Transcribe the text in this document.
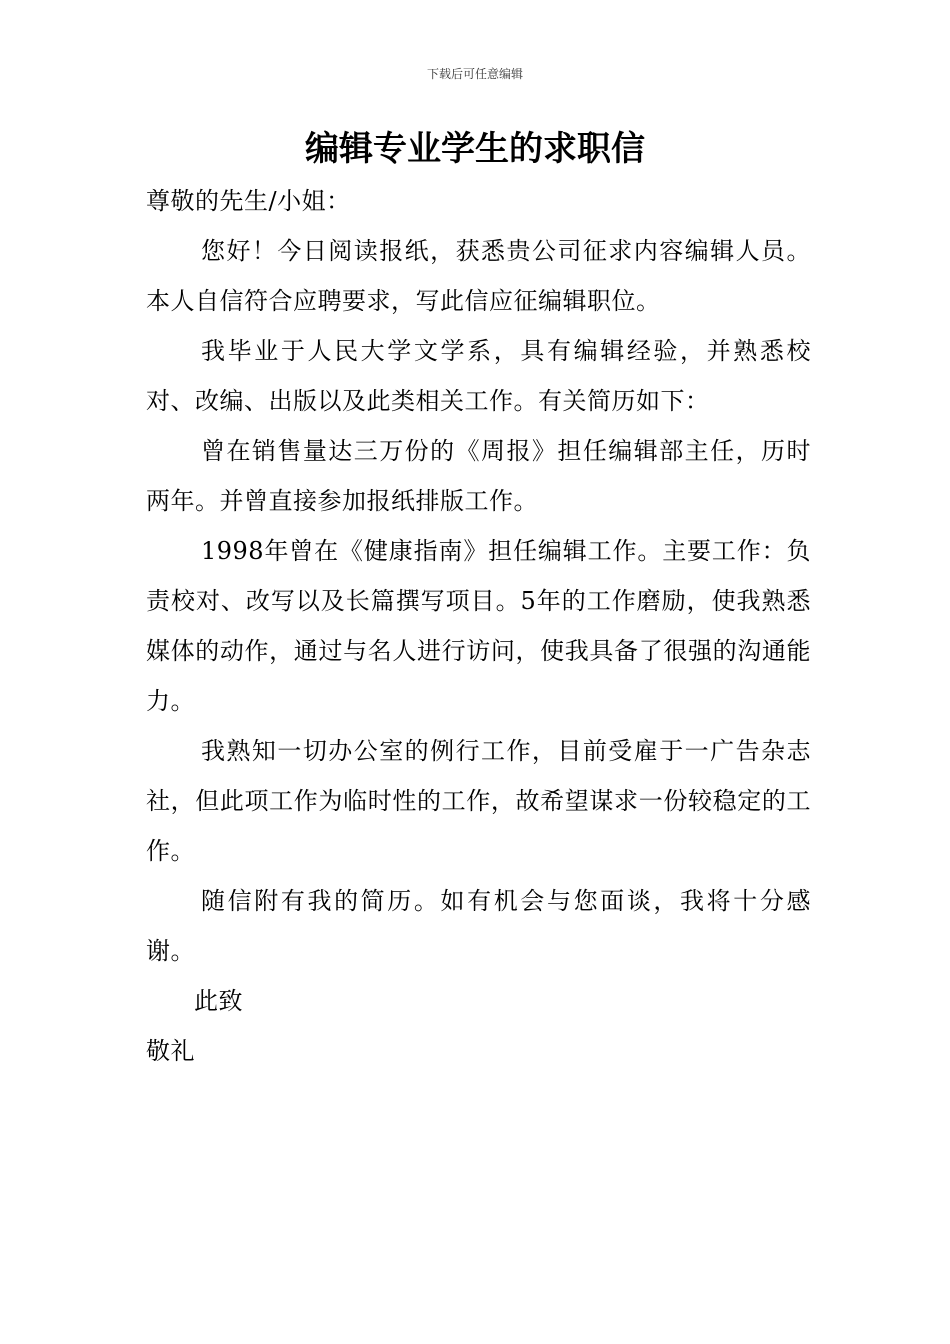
下载后可任意编辑
编辑专业学生的求职信

尊敬的先生/小姐：

您好！今日阅读报纸，获悉贵公司征求内容编辑人员。本人自信符合应聘要求，写此信应征编辑职位。

我毕业于人民大学文学系，具有编辑经验，并熟悉校对、改编、出版以及此类相关工作。有关简历如下：

曾在销售量达三万份的《周报》担任编辑部主任，历时两年。并曾直接参加报纸排版工作。

1998年曾在《健康指南》担任编辑工作。主要工作：负责校对、改写以及长篇撰写项目。5年的工作磨励，使我熟悉媒体的动作，通过与名人进行访问，使我具备了很强的沟通能力。

我熟知一切办公室的例行工作，目前受雇于一广告杂志社，但此项工作为临时性的工作，故希望谋求一份较稳定的工作。

随信附有我的简历。如有机会与您面谈，我将十分感谢。

此致

敬礼
